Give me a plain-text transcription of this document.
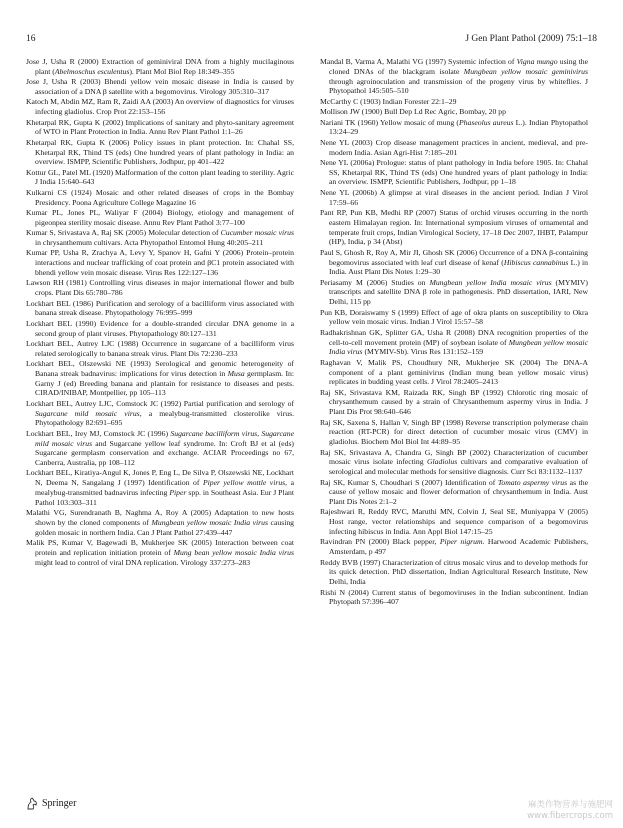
16	J Gen Plant Pathol (2009) 75:1–18

Jose J, Usha R (2000) Extraction of geminiviral DNA from a highly mucilaginous plant (Abelmoschus esculentus). Plant Mol Biol Rep 18:349–355

Jose J, Usha R (2003) Bhendi yellow vein mosaic disease in India is caused by association of a DNA β satellite with a begomovirus. Virology 305:310–317

Katoch M, Abdin MZ, Ram R, Zaidi AA (2003) An overview of diagnostics for viruses infecting gladiolus. Crop Prot 22:153–156

Khetarpal RK, Gupta K (2002) Implications of sanitary and phyto-sanitary agreement of WTO in Plant Protection in India. Annu Rev Plant Pathol 1:1–26

Khetarpal RK, Gupta K (2006) Policy issues in plant protection. In: Chahal SS, Khetarpal RK, Thind TS (eds) One hundred years of plant pathology in India: an overview. ISMPP, Scientific Publishers, Jodhpur, pp 401–422

Kottur GL, Patel ML (1920) Malformation of the cotton plant leading to sterility. Agric J India 15:640–643

Kulkarni CS (1924) Mosaic and other related diseases of crops in the Bombay Presidency. Poona Agriculture College Magazine 16

Kumar PL, Jones PL, Waliyar F (2004) Biology, etiology and management of pigeonpea sterility mosaic disease. Annu Rev Plant Pathol 3:77–100

Kumar S, Srivastava A, Raj SK (2005) Molecular detection of Cucumber mosaic virus in chrysanthemum cultivars. Acta Phytopathol Entomol Hung 40:205–211

Kumar PP, Usha R, Zrachya A, Levy Y, Spanov H, Gafni Y (2006) Protein–protein interactions and nuclear trafficking of coat protein and βC1 protein associated with bhendi yellow vein mosaic disease. Virus Res 122:127–136

Lawson RH (1981) Controlling virus diseases in major international flower and bulb crops. Plant Dis 65:780–786

Lockhart BEL (1986) Purification and serology of a bacilliform virus associated with banana streak disease. Phytopathology 76:995–999

Lockhart BEL (1990) Evidence for a double-stranded circular DNA genome in a second group of plant viruses. Phytopathology 80:127–131

Lockhart BEL, Autrey LJC (1988) Occurrence in sugarcane of a bacilliform virus related serologically to banana streak virus. Plant Dis 72:230–233

Lockhart BEL, Olszewski NE (1993) Serological and genomic heterogeneity of Banana streak badnavirus: implications for virus detection in Musa germplasm. In: Garny J (ed) Breeding banana and plantain for resistance to diseases and pests. CIRAD/INIBAP, Montpellier, pp 105–113

Lockhart BEL, Autrey LJC, Comstock JC (1992) Partial purification and serology of Sugarcane mild mosaic virus, a mealybug-transmitted closterolike virus. Phytopathology 82:691–695

Lockhart BEL, Irey MJ, Comstock JC (1996) Sugarcane bacilliform virus, Sugarcane mild mosaic virus and Sugarcane yellow leaf syndrome. In: Croft BJ et al (eds) Sugarcane germplasm conservation and exchange. ACIAR Proceedings no 67, Canberra, Australia, pp 108–112

Lockhart BEL, Kiratiya-Angul K, Jones P, Eng L, De Silva P, Olszewski NE, Lockhart N, Deema N, Sangalang J (1997) Identification of Piper yellow mottle virus, a mealybug-transmitted badnavirus infecting Piper spp. in Southeast Asia. Eur J Plant Pathol 103:303–311

Malathi VG, Surendranath B, Naghma A, Roy A (2005) Adaptation to new hosts shown by the cloned components of Mungbean yellow mosaic India virus causing golden mosaic in northern India. Can J Plant Pathol 27:439–447

Malik PS, Kumar V, Bagewadi B, Mukherjee SK (2005) Interaction between coat protein and replication initiation protein of Mung bean yellow mosaic India virus might lead to control of viral DNA replication. Virology 337:273–283

Mandal B, Varma A, Malathi VG (1997) Systemic infection of Vigna mungo using the cloned DNAs of the blackgram isolate Mungbean yellow mosaic geminivirus through agroinoculation and transmission of the progeny virus by whiteflies. J Phytopathol 145:505–510

McCarthy C (1903) Indian Forester 22:1–29

Mollison JW (1900) Bull Dep Ld Rec Agric, Bombay, 20 pp

Nariani TK (1960) Yellow mosaic of mung (Phaseolus aureus L.). Indian Phytopathol 13:24–29

Nene YL (2003) Crop disease management practices in ancient, medieval, and pre-modern India. Asian Agri-Hist 7:185–201

Nene YL (2006a) Prologue: status of plant pathology in India before 1905. In: Chahal SS, Khetarpal RK, Thind TS (eds) One hundred years of plant pathology in India: an overview. ISMPP, Scientific Publishers, Jodhpur, pp 1–18

Nene YL (2006b) A glimpse at viral diseases in the ancient period. Indian J Virol 17:59–66

Pant RP, Pun KB, Medhi RP (2007) Status of orchid viruses occurring in the north eastern Himalayan region. In: International symposium viruses of ornamental and temperate fruit crops, Indian Virological Society, 17–18 Dec 2007, IHBT, Palampur (HP), India, p 34 (Abst)

Paul S, Ghosh R, Roy A, Mir JI, Ghosh SK (2006) Occurrence of a DNA β-containing begomovirus associated with leaf curl disease of kenaf (Hibiscus cannabinus L.) in India. Aust Plant Dis Notes 1:29–30

Periasamy M (2006) Studies on Mungbean yellow India mosaic virus (MYMIV) transcripts and satellite DNA β role in pathogenesis. PhD dissertation, IARI, New Delhi, 115 pp

Pun KB, Doraiswamy S (1999) Effect of age of okra plants on susceptibility to Okra yellow vein mosaic virus. Indian J Virol 15:57–58

Radhakrishnan GK, Splitter GA, Usha R (2008) DNA recognition properties of the cell-to-cell movement protein (MP) of soybean isolate of Mungbean yellow mosaic India virus (MYMIV-Sb). Virus Res 131:152–159

Raghavan V, Malik PS, Choudhury NR, Mukherjee SK (2004) The DNA-A component of a plant geminivirus (Indian mung bean yellow mosaic virus) replicates in budding yeast cells. J Virol 78:2405–2413

Raj SK, Srivastava KM, Raizada RK, Singh BP (1992) Chlorotic ring mosaic of chrysanthemum caused by a strain of Chrysanthemum aspermy virus in India. J Plant Dis Prot 98:640–646

Raj SK, Saxena S, Hallan V, Singh BP (1998) Reverse transcription polymerase chain reaction (RT-PCR) for direct detection of cucumber mosaic virus (CMV) in gladiolus. Biochem Mol Biol Int 44:89–95

Raj SK, Srivastava A, Chandra G, Singh BP (2002) Characterization of cucumber mosaic virus isolate infecting Gladiolus cultivars and comparative evaluation of serological and molecular methods for sensitive diagnosis. Curr Sci 83:1132–1137

Raj SK, Kumar S, Choudhari S (2007) Identification of Tomato aspermy virus as the cause of yellow mosaic and flower deformation of chrysanthemum in India. Aust Plant Dis Notes 2:1–2

Rajeshwari R, Reddy RVC, Maruthi MN, Colvin J, Seal SE, Muniyappa V (2005) Host range, vector relationships and sequence comparison of a begomovirus infecting hibiscus in India. Ann Appl Biol 147:15–25

Ravindran PN (2000) Black pepper, Piper nigrum. Harwood Academic Publishers, Amsterdam, p 497

Reddy BVB (1997) Characterization of citrus mosaic virus and to develop methods for its quick detection. PhD dissertation, Indian Agricultural Research Institute, New Delhi, India

Rishi N (2004) Current status of begomoviruses in the Indian subcontinent. Indian Phytopath 57:396–407

Springer	麻类作物营养与施肥网
www.fibercrops.com
